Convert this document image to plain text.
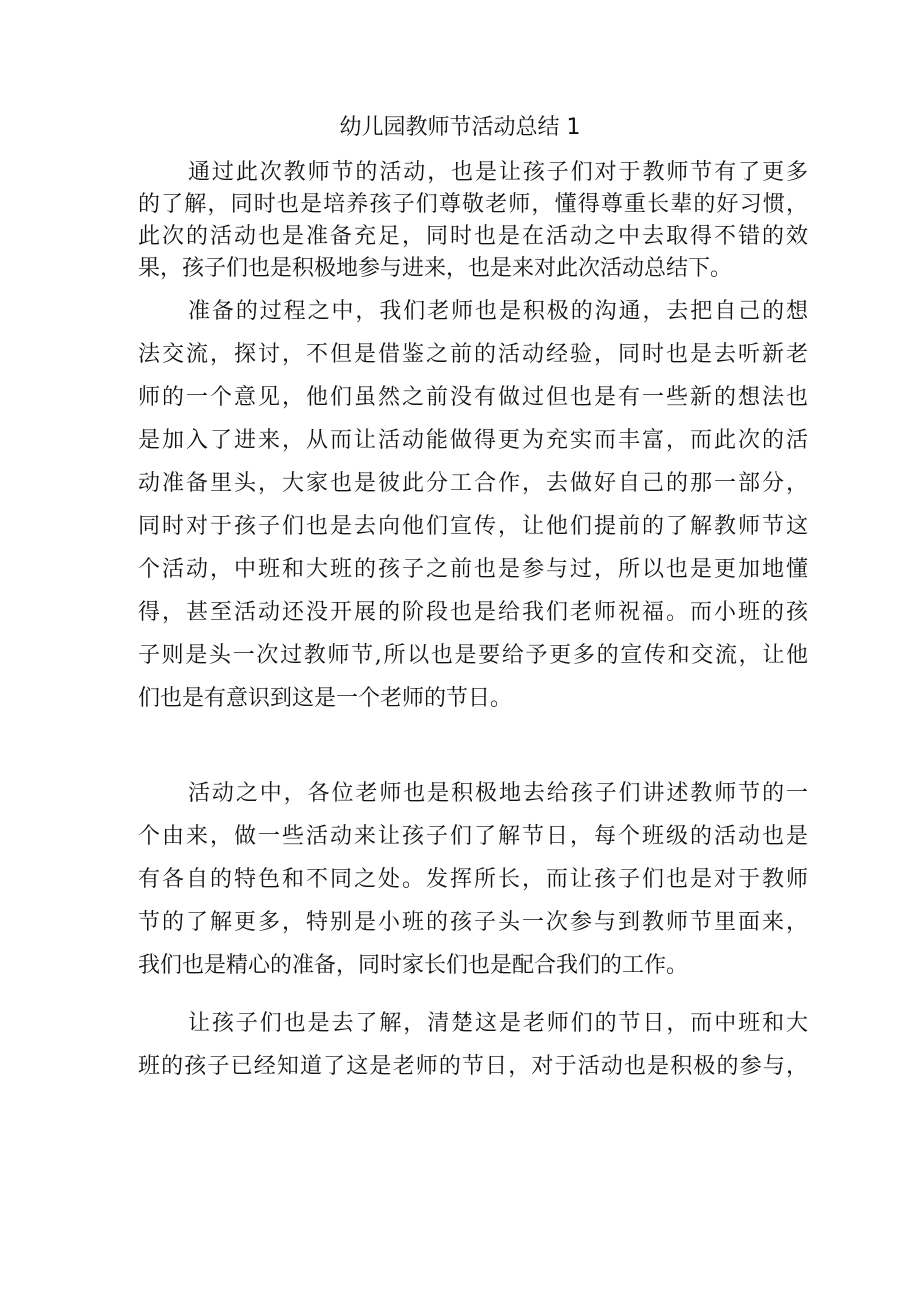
幼儿园教师节活动总结 1
通过此次教师节的活动，也是让孩子们对于教师节有了更多
的了解，同时也是培养孩子们尊敬老师，懂得尊重长辈的好习惯，
此次的活动也是准备充足，同时也是在活动之中去取得不错的效
果，孩子们也是积极地参与进来，也是来对此次活动总结下。
准备的过程之中，我们老师也是积极的沟通，去把自己的想
法交流，探讨，不但是借鉴之前的活动经验，同时也是去听新老
师的一个意见，他们虽然之前没有做过但也是有一些新的想法也
是加入了进来，从而让活动能做得更为充实而丰富，而此次的活
动准备里头，大家也是彼此分工合作，去做好自己的那一部分，
同时对于孩子们也是去向他们宣传，让他们提前的了解教师节这
个活动，中班和大班的孩子之前也是参与过，所以也是更加地懂
得，甚至活动还没开展的阶段也是给我们老师祝福。而小班的孩
子则是头一次过教师节,所以也是要给予更多的宣传和交流，让他
们也是有意识到这是一个老师的节日。
活动之中，各位老师也是积极地去给孩子们讲述教师节的一
个由来，做一些活动来让孩子们了解节日，每个班级的活动也是
有各自的特色和不同之处。发挥所长，而让孩子们也是对于教师
节的了解更多，特别是小班的孩子头一次参与到教师节里面来，
我们也是精心的准备，同时家长们也是配合我们的工作。
让孩子们也是去了解，清楚这是老师们的节日，而中班和大
班的孩子已经知道了这是老师的节日，对于活动也是积极的参与，
